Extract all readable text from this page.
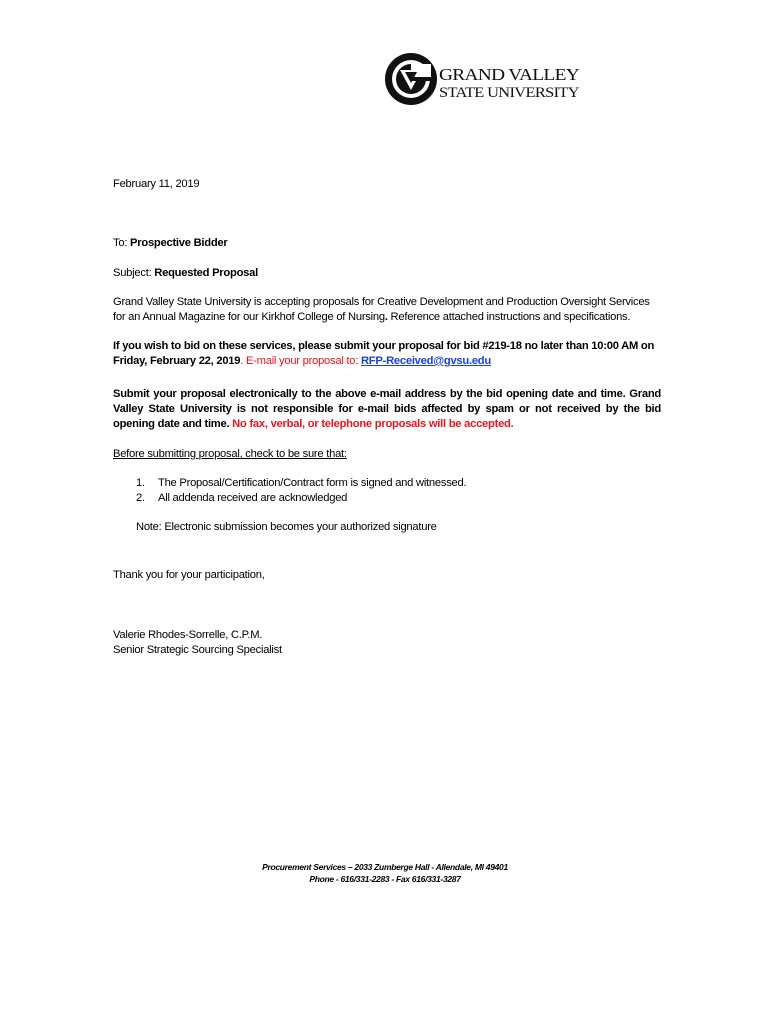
GRAND VALLEY
STATE UNIVERSITY
February 11, 2019
To: Prospective Bidder
Subject: Requested Proposal
Grand Valley State University is accepting proposals for Creative Development and Production Oversight Services for an Annual Magazine for our Kirkhof College of Nursing. Reference attached instructions and specifications.
If you wish to bid on these services, please submit your proposal for bid #219-18 no later than 10:00 AM on Friday, February 22, 2019. E-mail your proposal to: RFP-Received@gvsu.edu
Submit your proposal electronically to the above e-mail address by the bid opening date and time. Grand Valley State University is not responsible for e-mail bids affected by spam or not received by the bid opening date and time. No fax, verbal, or telephone proposals will be accepted.
Before submitting proposal, check to be sure that:
1. The Proposal/Certification/Contract form is signed and witnessed.
2. All addenda received are acknowledged
Note: Electronic submission becomes your authorized signature
Thank you for your participation,
Valerie Rhodes-Sorrelle, C.P.M.
Senior Strategic Sourcing Specialist
Procurement Services – 2033 Zumberge Hall - Allendale, MI 49401
Phone - 616/331-2283 - Fax 616/331-3287
